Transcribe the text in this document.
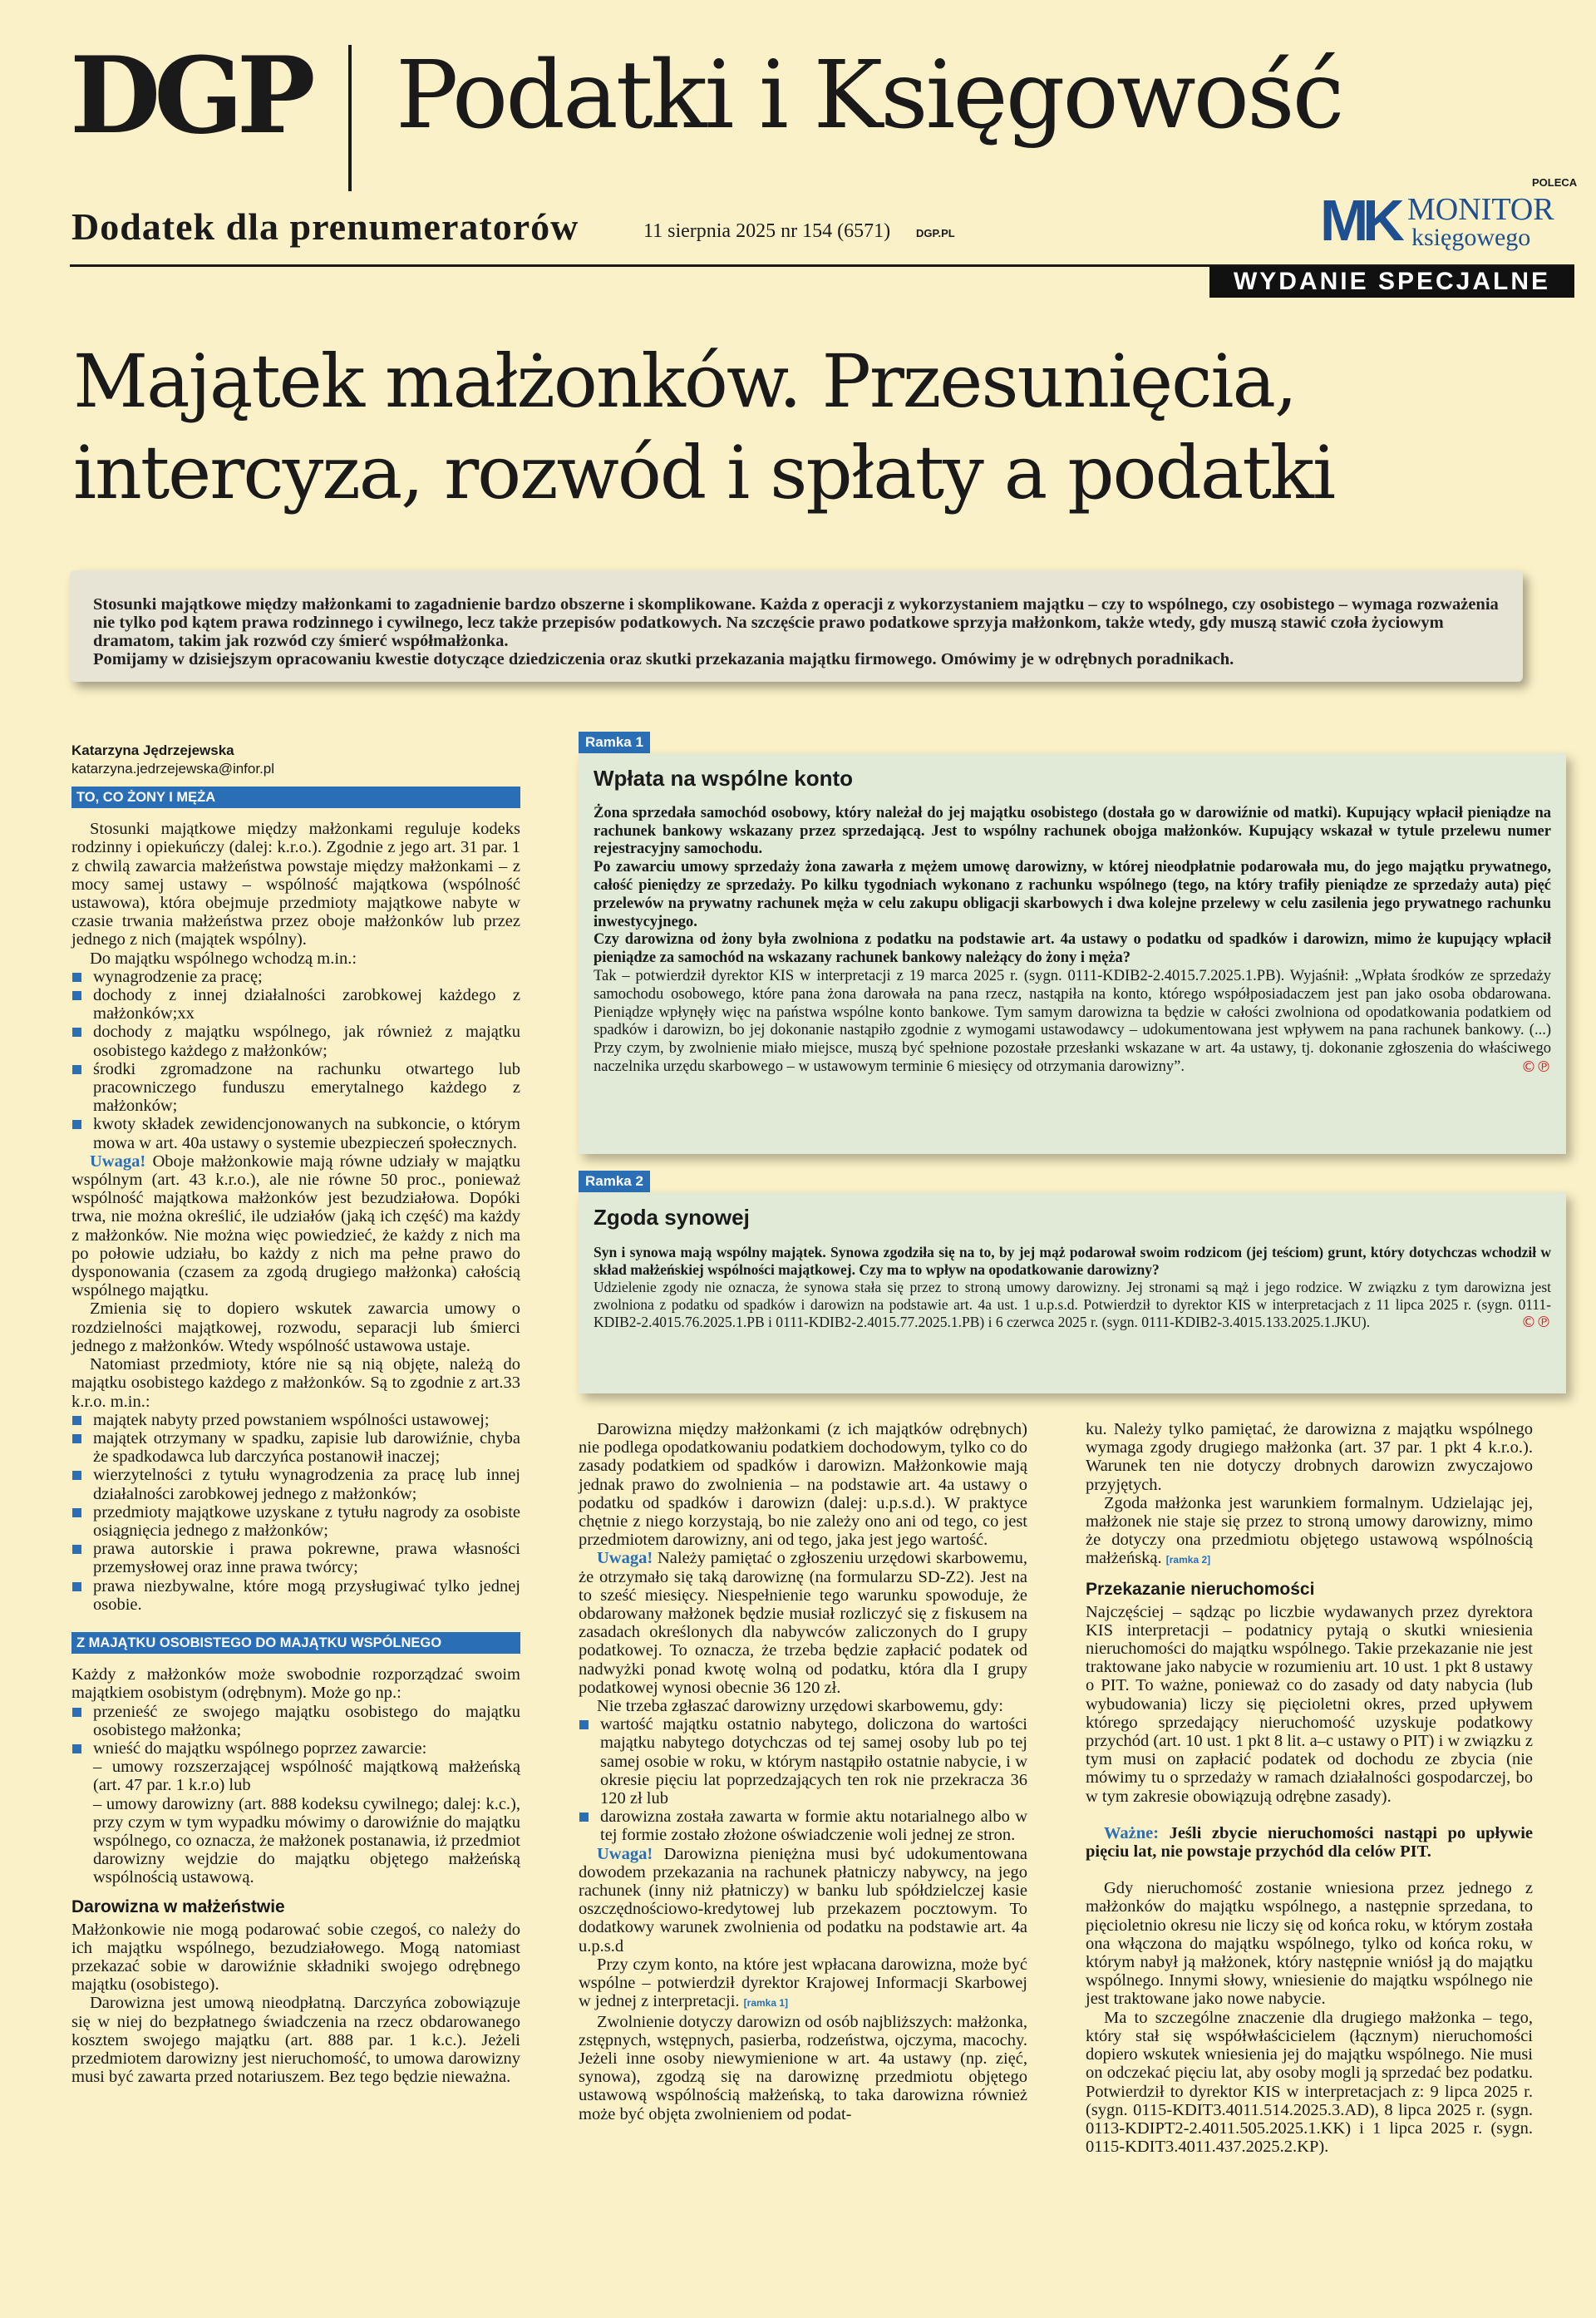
DGP Podatki i Księgowość
Dodatek dla prenumeratorów	11 sierpnia 2025 nr 154 (6571) DGP.PL
POLECA
MK MONITOR
księgowego
WYDANIE SPECJALNE
Majątek małżonków. Przesunięcia,
intercyza, rozwód i spłaty a podatki

Stosunki majątkowe między małżonkami to zagadnienie bardzo obszerne i skomplikowane. Każda z operacji z wykorzystaniem majątku – czy to wspólnego, czy osobistego – wymaga rozważenia nie tylko pod kątem prawa rodzinnego i cywilnego, lecz także przepisów podatkowych. Na szczęście prawo podatkowe sprzyja małżonkom, także wtedy, gdy muszą stawić czoła życiowym dramatom, takim jak rozwód czy śmierć współmałżonka.

Pomijamy w dzisiejszym opracowaniu kwestie dotyczące dziedziczenia oraz skutki przekazania majątku firmowego. Omówimy je w odrębnych poradnikach.

Katarzyna Jędrzejewska
katarzyna.jedrzejewska@infor.pl
TO, CO ŻONY I MĘŻA

Stosunki majątkowe między małżonkami reguluje kodeks rodzinny i opiekuńczy (dalej: k.r.o.). Zgodnie z jego art. 31 par. 1 z chwilą zawarcia małżeństwa powstaje między małżonkami – z mocy samej ustawy – wspólność majątkowa (wspólność ustawowa), która obejmuje przedmioty majątkowe nabyte w czasie trwania małżeństwa przez oboje małżonków lub przez jednego z nich (majątek wspólny).

Do majątku wspólnego wchodzą m.in.:

wynagrodzenie za pracę;
dochody z innej działalności zarobkowej każdego z małżonków;xx
dochody z majątku wspólnego, jak również z majątku osobistego każdego z małżonków;
środki zgromadzone na rachunku otwartego lub pracowniczego funduszu emerytalnego każdego z małżonków;
kwoty składek zewidencjonowanych na subkoncie, o którym mowa w art. 40a ustawy o systemie ubezpieczeń społecznych.

Uwaga! Oboje małżonkowie mają równe udziały w majątku wspólnym (art. 43 k.r.o.), ale nie równe 50 proc., ponieważ wspólność majątkowa małżonków jest bezudziałowa. Dopóki trwa, nie można określić, ile udziałów (jaką ich część) ma każdy z małżonków. Nie można więc powiedzieć, że każdy z nich ma po połowie udziału, bo każdy z nich ma pełne prawo do dysponowania (czasem za zgodą drugiego małżonka) całością wspólnego majątku.

Zmienia się to dopiero wskutek zawarcia umowy o rozdzielności majątkowej, rozwodu, separacji lub śmierci jednego z małżonków. Wtedy wspólność ustawowa ustaje.

Natomiast przedmioty, które nie są nią objęte, należą do majątku osobistego każdego z małżonków. Są to zgodnie z art.33 k.r.o. m.in.:

majątek nabyty przed powstaniem wspólności ustawowej;
majątek otrzymany w spadku, zapisie lub darowiźnie, chyba że spadkodawca lub darczyńca postanowił inaczej;
wierzytelności z tytułu wynagrodzenia za pracę lub innej działalności zarobkowej jednego z małżonków;
przedmioty majątkowe uzyskane z tytułu nagrody za osobiste osiągnięcia jednego z małżonków;
prawa autorskie i prawa pokrewne, prawa własności przemysłowej oraz inne prawa twórcy;
prawa niezbywalne, które mogą przysługiwać tylko jednej osobie.
Z MAJĄTKU OSOBISTEGO DO MAJĄTKU WSPÓLNEGO

Każdy z małżonków może swobodnie rozporządzać swoim majątkiem osobistym (odrębnym). Może go np.:

przenieść ze swojego majątku osobistego do majątku osobistego małżonka;
wnieść do majątku wspólnego poprzez zawarcie:

– umowy rozszerzającej wspólność majątkową małżeńską (art. 47 par. 1 k.r.o) lub

– umowy darowizny (art. 888 kodeksu cywilnego; dalej: k.c.), przy czym w tym wypadku mówimy o darowiźnie do majątku wspólnego, co oznacza, że małżonek postanawia, iż przedmiot darowizny wejdzie do majątku objętego małżeńską wspólnością ustawową.

Darowizna w małżeństwie

Małżonkowie nie mogą podarować sobie czegoś, co należy do ich majątku wspólnego, bezudziałowego. Mogą natomiast przekazać sobie w darowiźnie składniki swojego odrębnego majątku (osobistego).

Darowizna jest umową nieodpłatną. Darczyńca zobowiązuje się w niej do bezpłatnego świadczenia na rzecz obdarowanego kosztem swojego majątku (art. 888 par. 1 k.c.). Jeżeli przedmiotem darowizny jest nieruchomość, to umowa darowizny musi być zawarta przed notariuszem. Bez tego będzie nieważna.

Ramka 1
Wpłata na wspólne konto

Żona sprzedała samochód osobowy, który należał do jej majątku osobistego (dostała go w darowiźnie od matki). Kupujący wpłacił pieniądze na rachunek bankowy wskazany przez sprzedającą. Jest to wspólny rachunek obojga małżonków. Kupujący wskazał w tytule przelewu numer rejestracyjny samochodu.

Po zawarciu umowy sprzedaży żona zawarła z mężem umowę darowizny, w której nieodpłatnie podarowała mu, do jego majątku prywatnego, całość pieniędzy ze sprzedaży. Po kilku tygodniach wykonano z rachunku wspólnego (tego, na który trafiły pieniądze ze sprzedaży auta) pięć przelewów na prywatny rachunek męża w celu zakupu obligacji skarbowych i dwa kolejne przelewy w celu zasilenia jego prywatnego rachunku inwestycyjnego.

Czy darowizna od żony była zwolniona z podatku na podstawie art. 4a ustawy o podatku od spadków i darowizn, mimo że kupujący wpłacił pieniądze za samochód na wskazany rachunek bankowy należący do żony i męża?

Tak – potwierdził dyrektor KIS w interpretacji z 19 marca 2025 r. (sygn. 0111-KDIB2-2.4015.7.2025.1.PB). Wyjaśnił: „Wpłata środków ze sprzedaży samochodu osobowego, które pana żona darowała na pana rzecz, nastąpiła na konto, którego współposiadaczem jest pan jako osoba obdarowana. Pieniądze wpłynęły więc na państwa wspólne konto bankowe. Tym samym darowizna ta będzie w całości zwolniona od opodatkowania podatkiem od spadków i darowizn, bo jej dokonanie nastąpiło zgodnie z wymogami ustawodawcy – udokumentowana jest wpływem na pana rachunek bankowy. (...) Przy czym, by zwolnienie miało miejsce, muszą być spełnione pozostałe przesłanki wskazane w art. 4a ustawy, tj. dokonanie zgłoszenia do właściwego naczelnika urzędu skarbowego – w ustawowym terminie 6 miesięcy od otrzymania darowizny”.	©℗

Ramka 2
Zgoda synowej

Syn i synowa mają wspólny majątek. Synowa zgodziła się na to, by jej mąż podarował swoim rodzicom (jej teściom) grunt, który dotychczas wchodził w skład małżeńskiej wspólności majątkowej. Czy ma to wpływ na opodatkowanie darowizny?

Udzielenie zgody nie oznacza, że synowa stała się przez to stroną umowy darowizny. Jej stronami są mąż i jego rodzice. W związku z tym darowizna jest zwolniona z podatku od spadków i darowizn na podstawie art. 4a ust. 1 u.p.s.d. Potwierdził to dyrektor KIS w interpretacjach z 11 lipca 2025 r. (sygn. 0111-KDIB2-2.4015.76.2025.1.PB i 0111-KDIB2-2.4015.77.2025.1.PB) i 6 czerwca 2025 r. (sygn. 0111-KDIB2-3.4015.133.2025.1.JKU).	©℗

Darowizna między małżonkami (z ich majątków odrębnych) nie podlega opodatkowaniu podatkiem dochodowym, tylko co do zasady podatkiem od spadków i darowizn. Małżonkowie mają jednak prawo do zwolnienia – na podstawie art. 4a ustawy o podatku od spadków i darowizn (dalej: u.p.s.d.). W praktyce chętnie z niego korzystają, bo nie zależy ono ani od tego, co jest przedmiotem darowizny, ani od tego, jaka jest jego wartość.

Uwaga! Należy pamiętać o zgłoszeniu urzędowi skarbowemu, że otrzymało się taką darowiznę (na formularzu SD-Z2). Jest na to sześć miesięcy. Niespełnienie tego warunku spowoduje, że obdarowany małżonek będzie musiał rozliczyć się z fiskusem na zasadach określonych dla nabywców zaliczonych do I grupy podatkowej. To oznacza, że trzeba będzie zapłacić podatek od nadwyżki ponad kwotę wolną od podatku, która dla I grupy podatkowej wynosi obecnie 36 120 zł.

Nie trzeba zgłaszać darowizny urzędowi skarbowemu, gdy:

wartość majątku ostatnio nabytego, doliczona do wartości majątku nabytego dotychczas od tej samej osoby lub po tej samej osobie w roku, w którym nastąpiło ostatnie nabycie, i w okresie pięciu lat poprzedzających ten rok nie przekracza 36 120 zł lub
darowizna została zawarta w formie aktu notarialnego albo w tej formie zostało złożone oświadczenie woli jednej ze stron.

Uwaga! Darowizna pieniężna musi być udokumentowana dowodem przekazania na rachunek płatniczy nabywcy, na jego rachunek (inny niż płatniczy) w banku lub spółdzielczej kasie oszczędnościowo-kredytowej lub przekazem pocztowym. To dodatkowy warunek zwolnienia od podatku na podstawie art. 4a u.p.s.d

Przy czym konto, na które jest wpłacana darowizna, może być wspólne – potwierdził dyrektor Krajowej Informacji Skarbowej w jednej z interpretacji. [ramka 1]

Zwolnienie dotyczy darowizn od osób najbliższych: małżonka, zstępnych, wstępnych, pasierba, rodzeństwa, ojczyma, macochy. Jeżeli inne osoby niewymienione w art. 4a ustawy (np. zięć, synowa), zgodzą się na darowiznę przedmiotu objętego ustawową wspólnością małżeńską, to taka darowizna również może być objęta zwolnieniem od podat-

ku. Należy tylko pamiętać, że darowizna z majątku wspólnego wymaga zgody drugiego małżonka (art. 37 par. 1 pkt 4 k.r.o.). Warunek ten nie dotyczy drobnych darowizn zwyczajowo przyjętych.

Zgoda małżonka jest warunkiem formalnym. Udzielając jej, małżonek nie staje się przez to stroną umowy darowizny, mimo że dotyczy ona przedmiotu objętego ustawową wspólnością małżeńską. [ramka 2]

Przekazanie nieruchomości

Najczęściej – sądząc po liczbie wydawanych przez dyrektora KIS interpretacji – podatnicy pytają o skutki wniesienia nieruchomości do majątku wspólnego. Takie przekazanie nie jest traktowane jako nabycie w rozumieniu art. 10 ust. 1 pkt 8 ustawy o PIT. To ważne, ponieważ co do zasady od daty nabycia (lub wybudowania) liczy się pięcioletni okres, przed upływem którego sprzedający nieruchomość uzyskuje podatkowy przychód (art. 10 ust. 1 pkt 8 lit. a–c ustawy o PIT) i w związku z tym musi on zapłacić podatek od dochodu ze zbycia (nie mówimy tu o sprzedaży w ramach działalności gospodarczej, bo w tym zakresie obowiązują odrębne zasady).

Ważne: Jeśli zbycie nieruchomości nastąpi po upływie pięciu lat, nie powstaje przychód dla celów PIT.

Gdy nieruchomość zostanie wniesiona przez jednego z małżonków do majątku wspólnego, a następnie sprzedana, to pięcioletnio okresu nie liczy się od końca roku, w którym została ona włączona do majątku wspólnego, tylko od końca roku, w którym nabył ją małżonek, który następnie wniósł ją do majątku wspólnego. Innymi słowy, wniesienie do majątku wspólnego nie jest traktowane jako nowe nabycie.

Ma to szczególne znaczenie dla drugiego małżonka – tego, który stał się współwłaścicielem (łącznym) nieruchomości dopiero wskutek wniesienia jej do majątku wspólnego. Nie musi on odczekać pięciu lat, aby osoby mogli ją sprzedać bez podatku. Potwierdził to dyrektor KIS w interpretacjach z: 9 lipca 2025 r. (sygn. 0115-KDIT3.4011.514.2025.3.AD), 8 lipca 2025 r. (sygn. 0113-KDIPT2-2.4011.505.2025.1.KK) i 1 lipca 2025 r. (sygn. 0115-KDIT3.4011.437.2025.2.KP).
